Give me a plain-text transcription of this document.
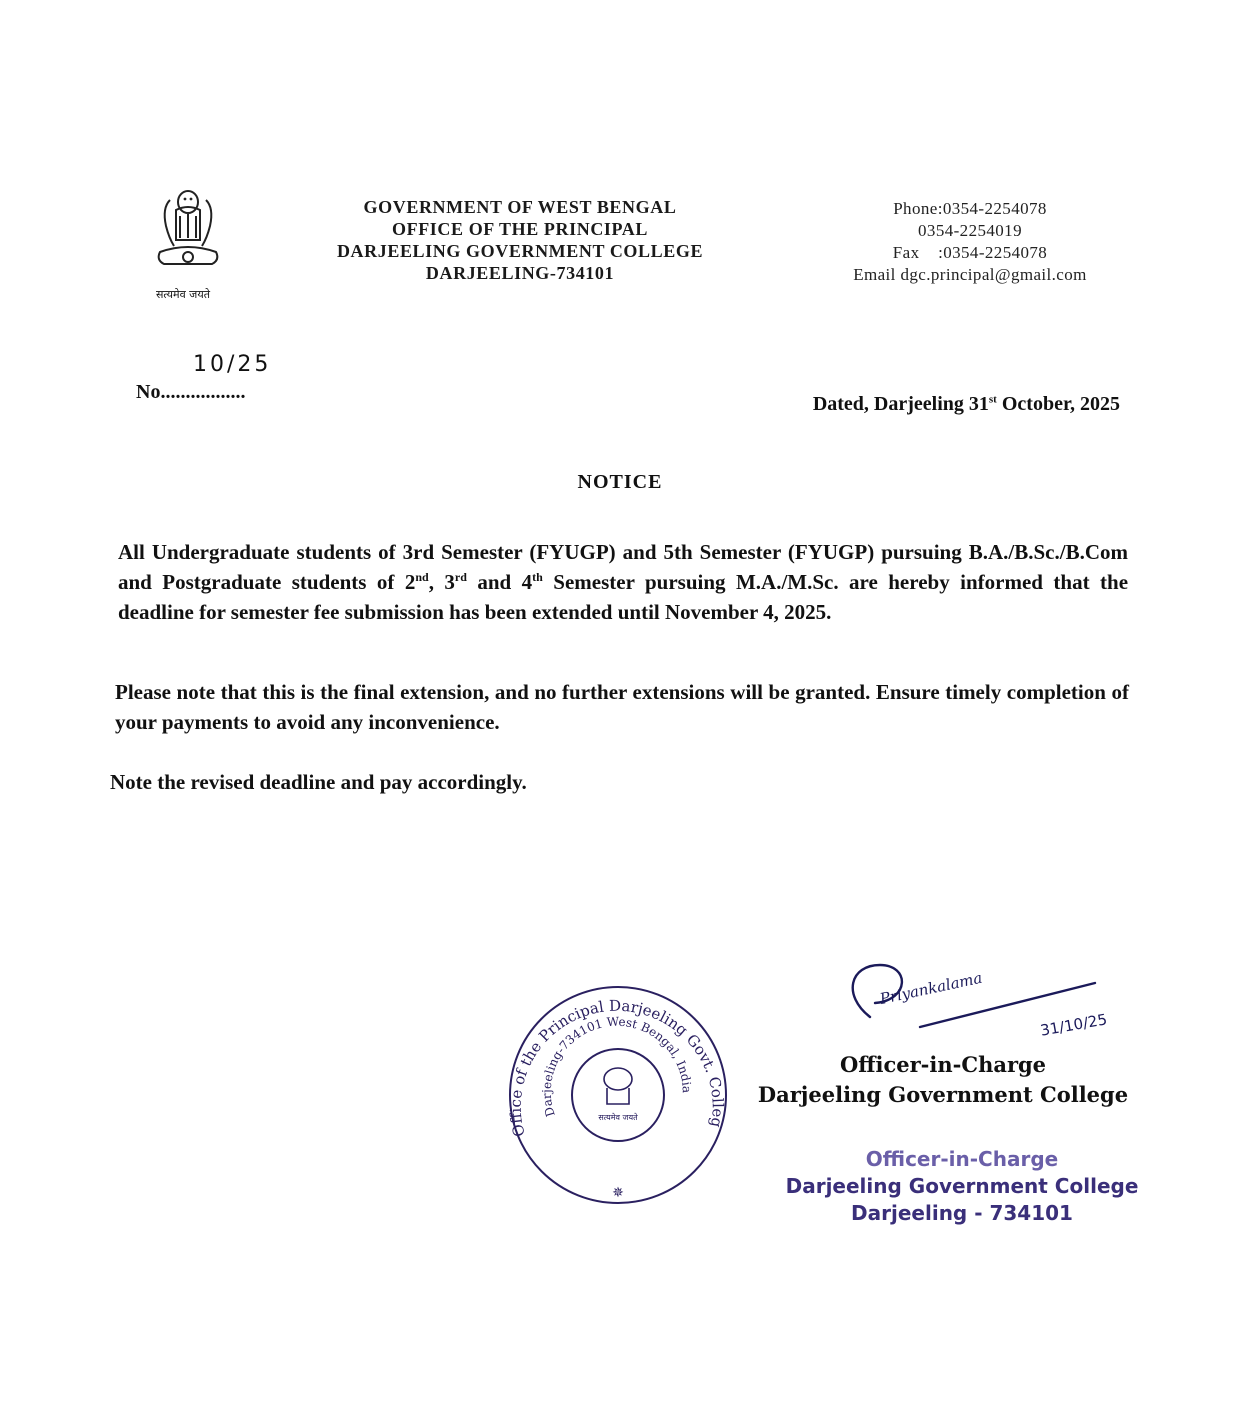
सत्यमेव जयते
GOVERNMENT OF WEST BENGAL
OFFICE OF THE PRINCIPAL
DARJEELING GOVERNMENT COLLEGE
DARJEELING-734101
Phone:0354-2254078
0354-2254019
Fax :0354-2254078
Email dgc.principal@gmail.com
10/25
No.................
Dated, Darjeeling 31st October, 2025
NOTICE
All Undergraduate students of 3rd Semester (FYUGP) and 5th Semester (FYUGP) pursuing B.A./B.Sc./B.Com and Postgraduate students of 2nd, 3rd and 4th Semester pursuing M.A./M.Sc. are hereby informed that the deadline for semester fee submission has been extended until November 4, 2025.
Please note that this is the final extension, and no further extensions will be granted. Ensure timely completion of your payments to avoid any inconvenience.
Note the revised deadline and pay accordingly.
Office of the Principal Darjeeling Govt. Colleg
Darjeeling-734101 West Bengal, India
सत्यमेव जयते
✵
Priyankalama
31/10/25
Officer-in-Charge
Darjeeling Government College
Officer-in-Charge
Darjeeling Government College
Darjeeling - 734101
